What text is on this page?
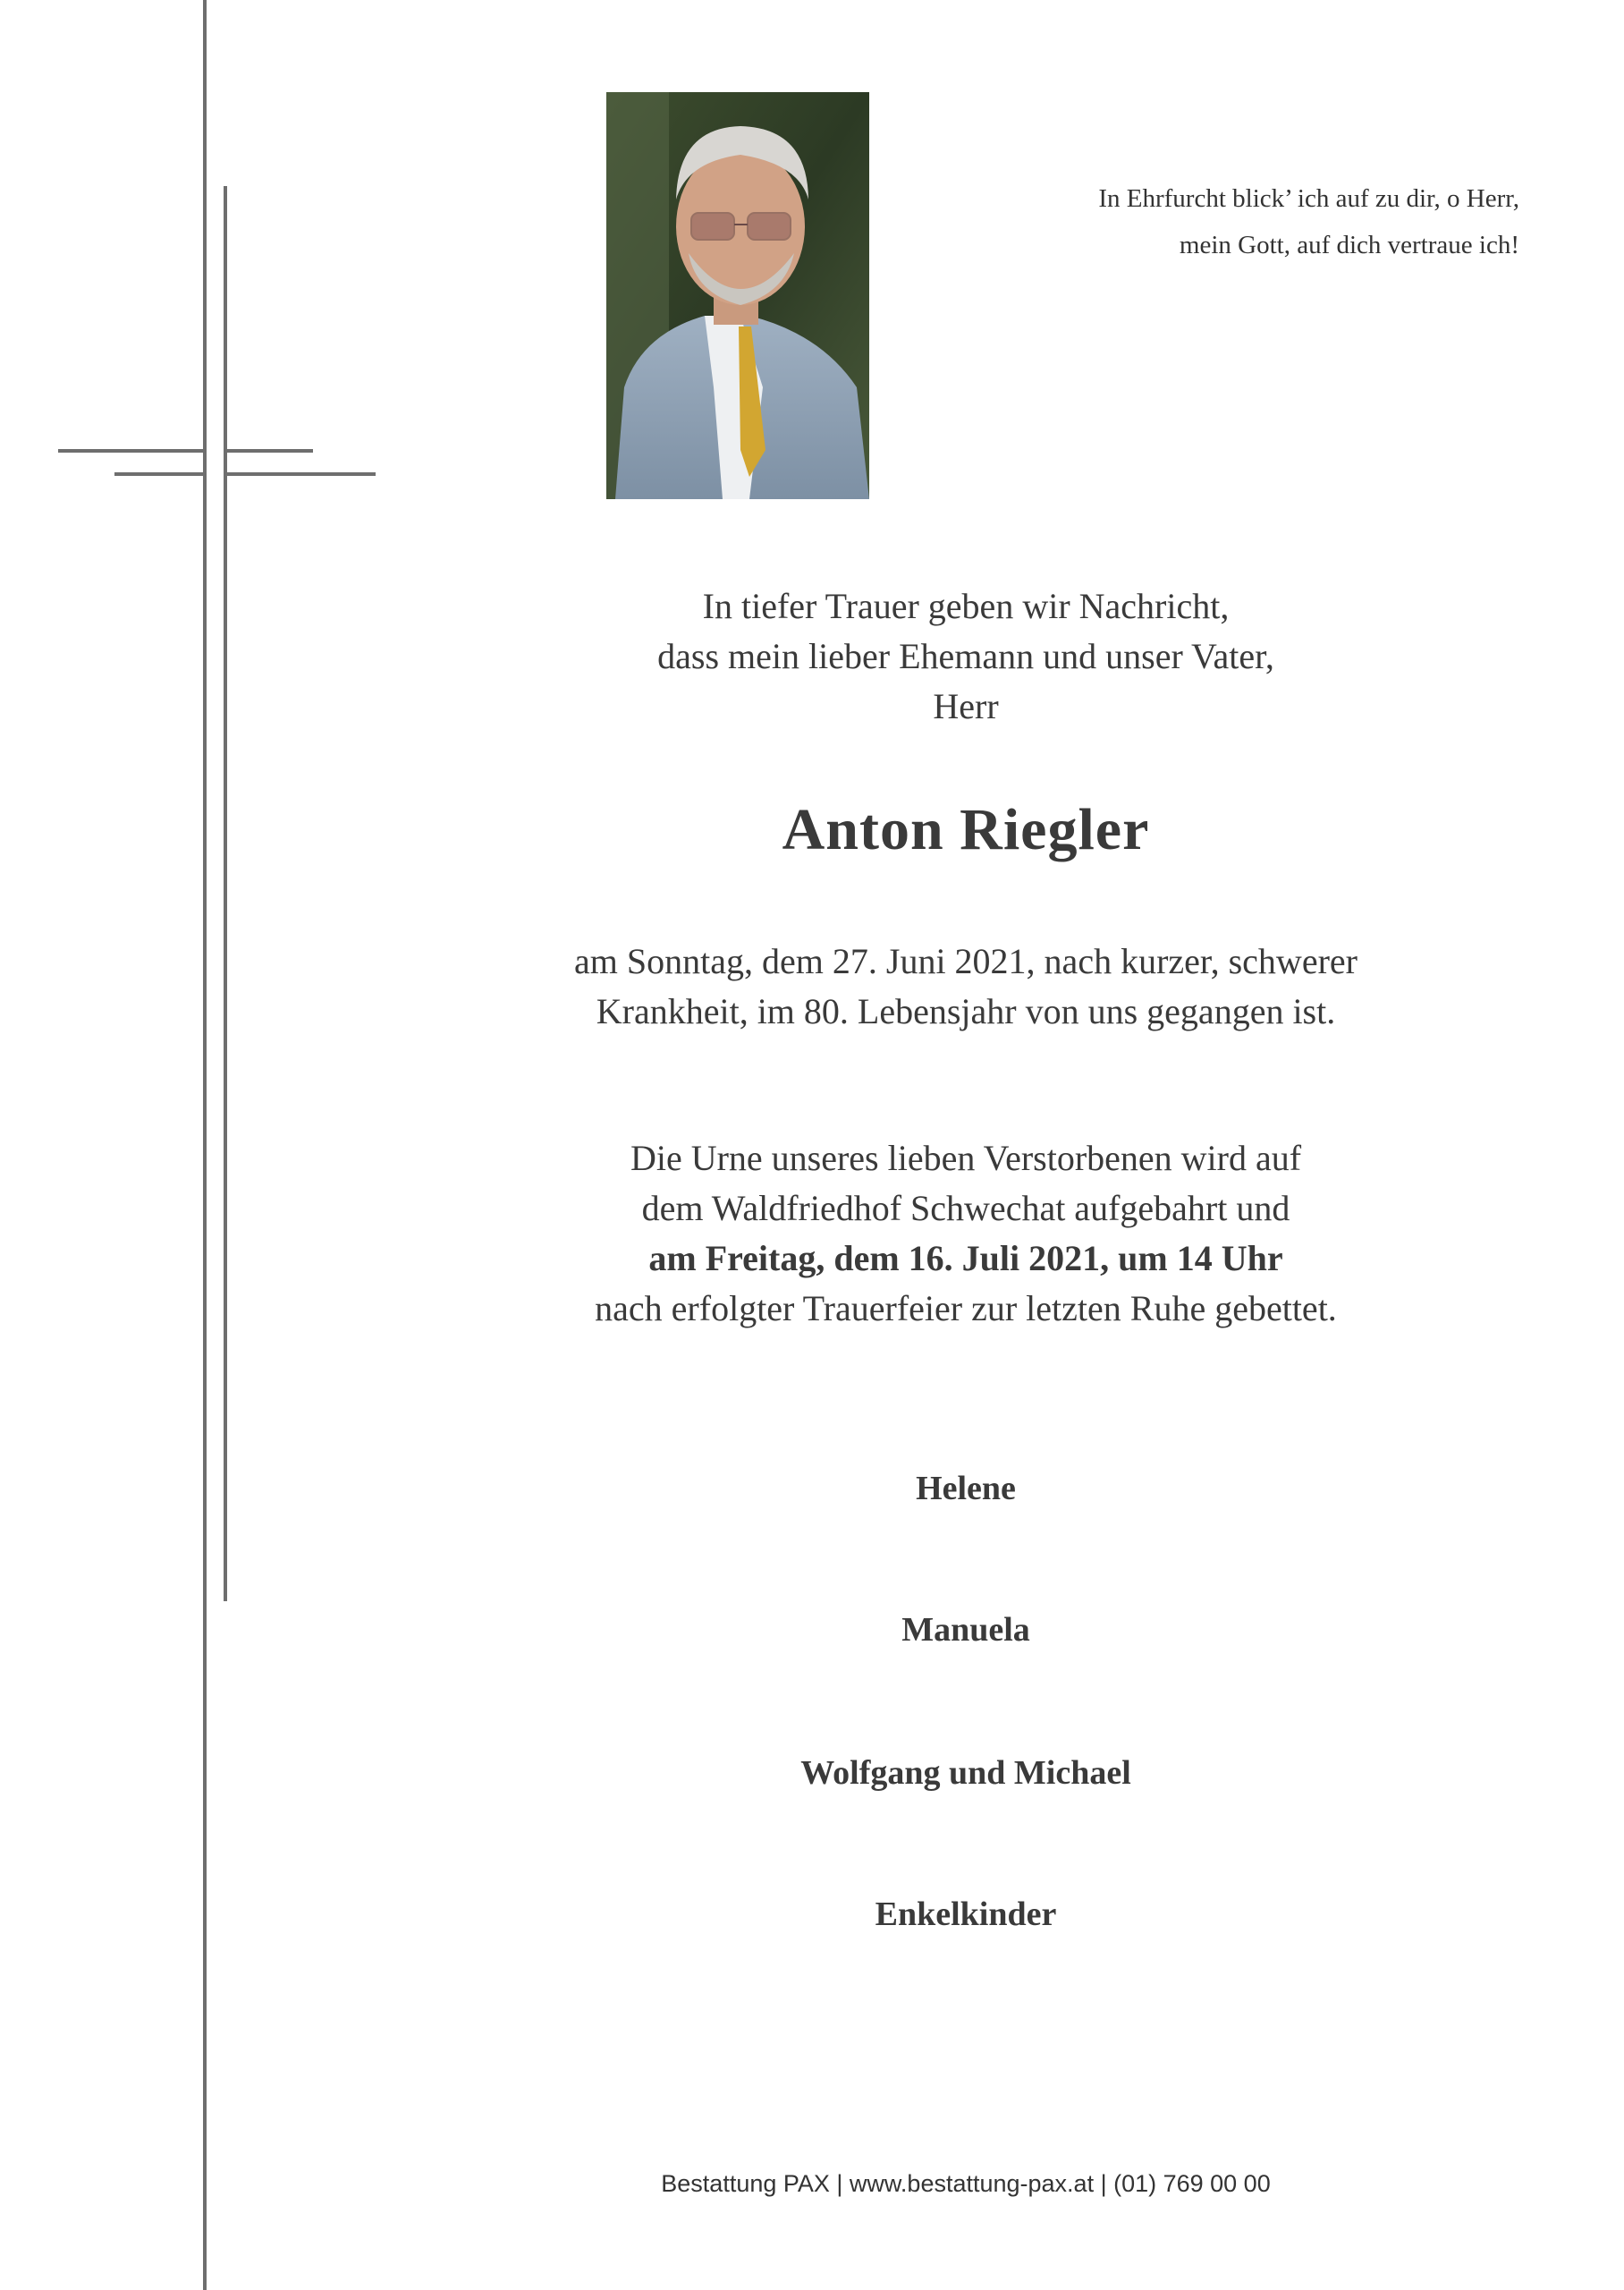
In Ehrfurcht blick’ ich auf zu dir, o Herr,
mein Gott, auf dich vertraue ich!
In tiefer Trauer geben wir Nachricht,
dass mein lieber Ehemann und unser Vater,
Herr
Anton Riegler
am Sonntag, dem 27. Juni 2021, nach kurzer, schwerer
Krankheit, im 80. Lebensjahr von uns gegangen ist.
Die Urne unseres lieben Verstorbenen wird auf
dem Waldfriedhof Schwechat aufgebahrt und
am Freitag, dem 16. Juli 2021, um 14 Uhr
nach erfolgter Trauerfeier zur letzten Ruhe gebettet.
Helene
Manuela
Wolfgang und Michael
Enkelkinder
Bestattung PAX | www.bestattung-pax.at | (01) 769 00 00
